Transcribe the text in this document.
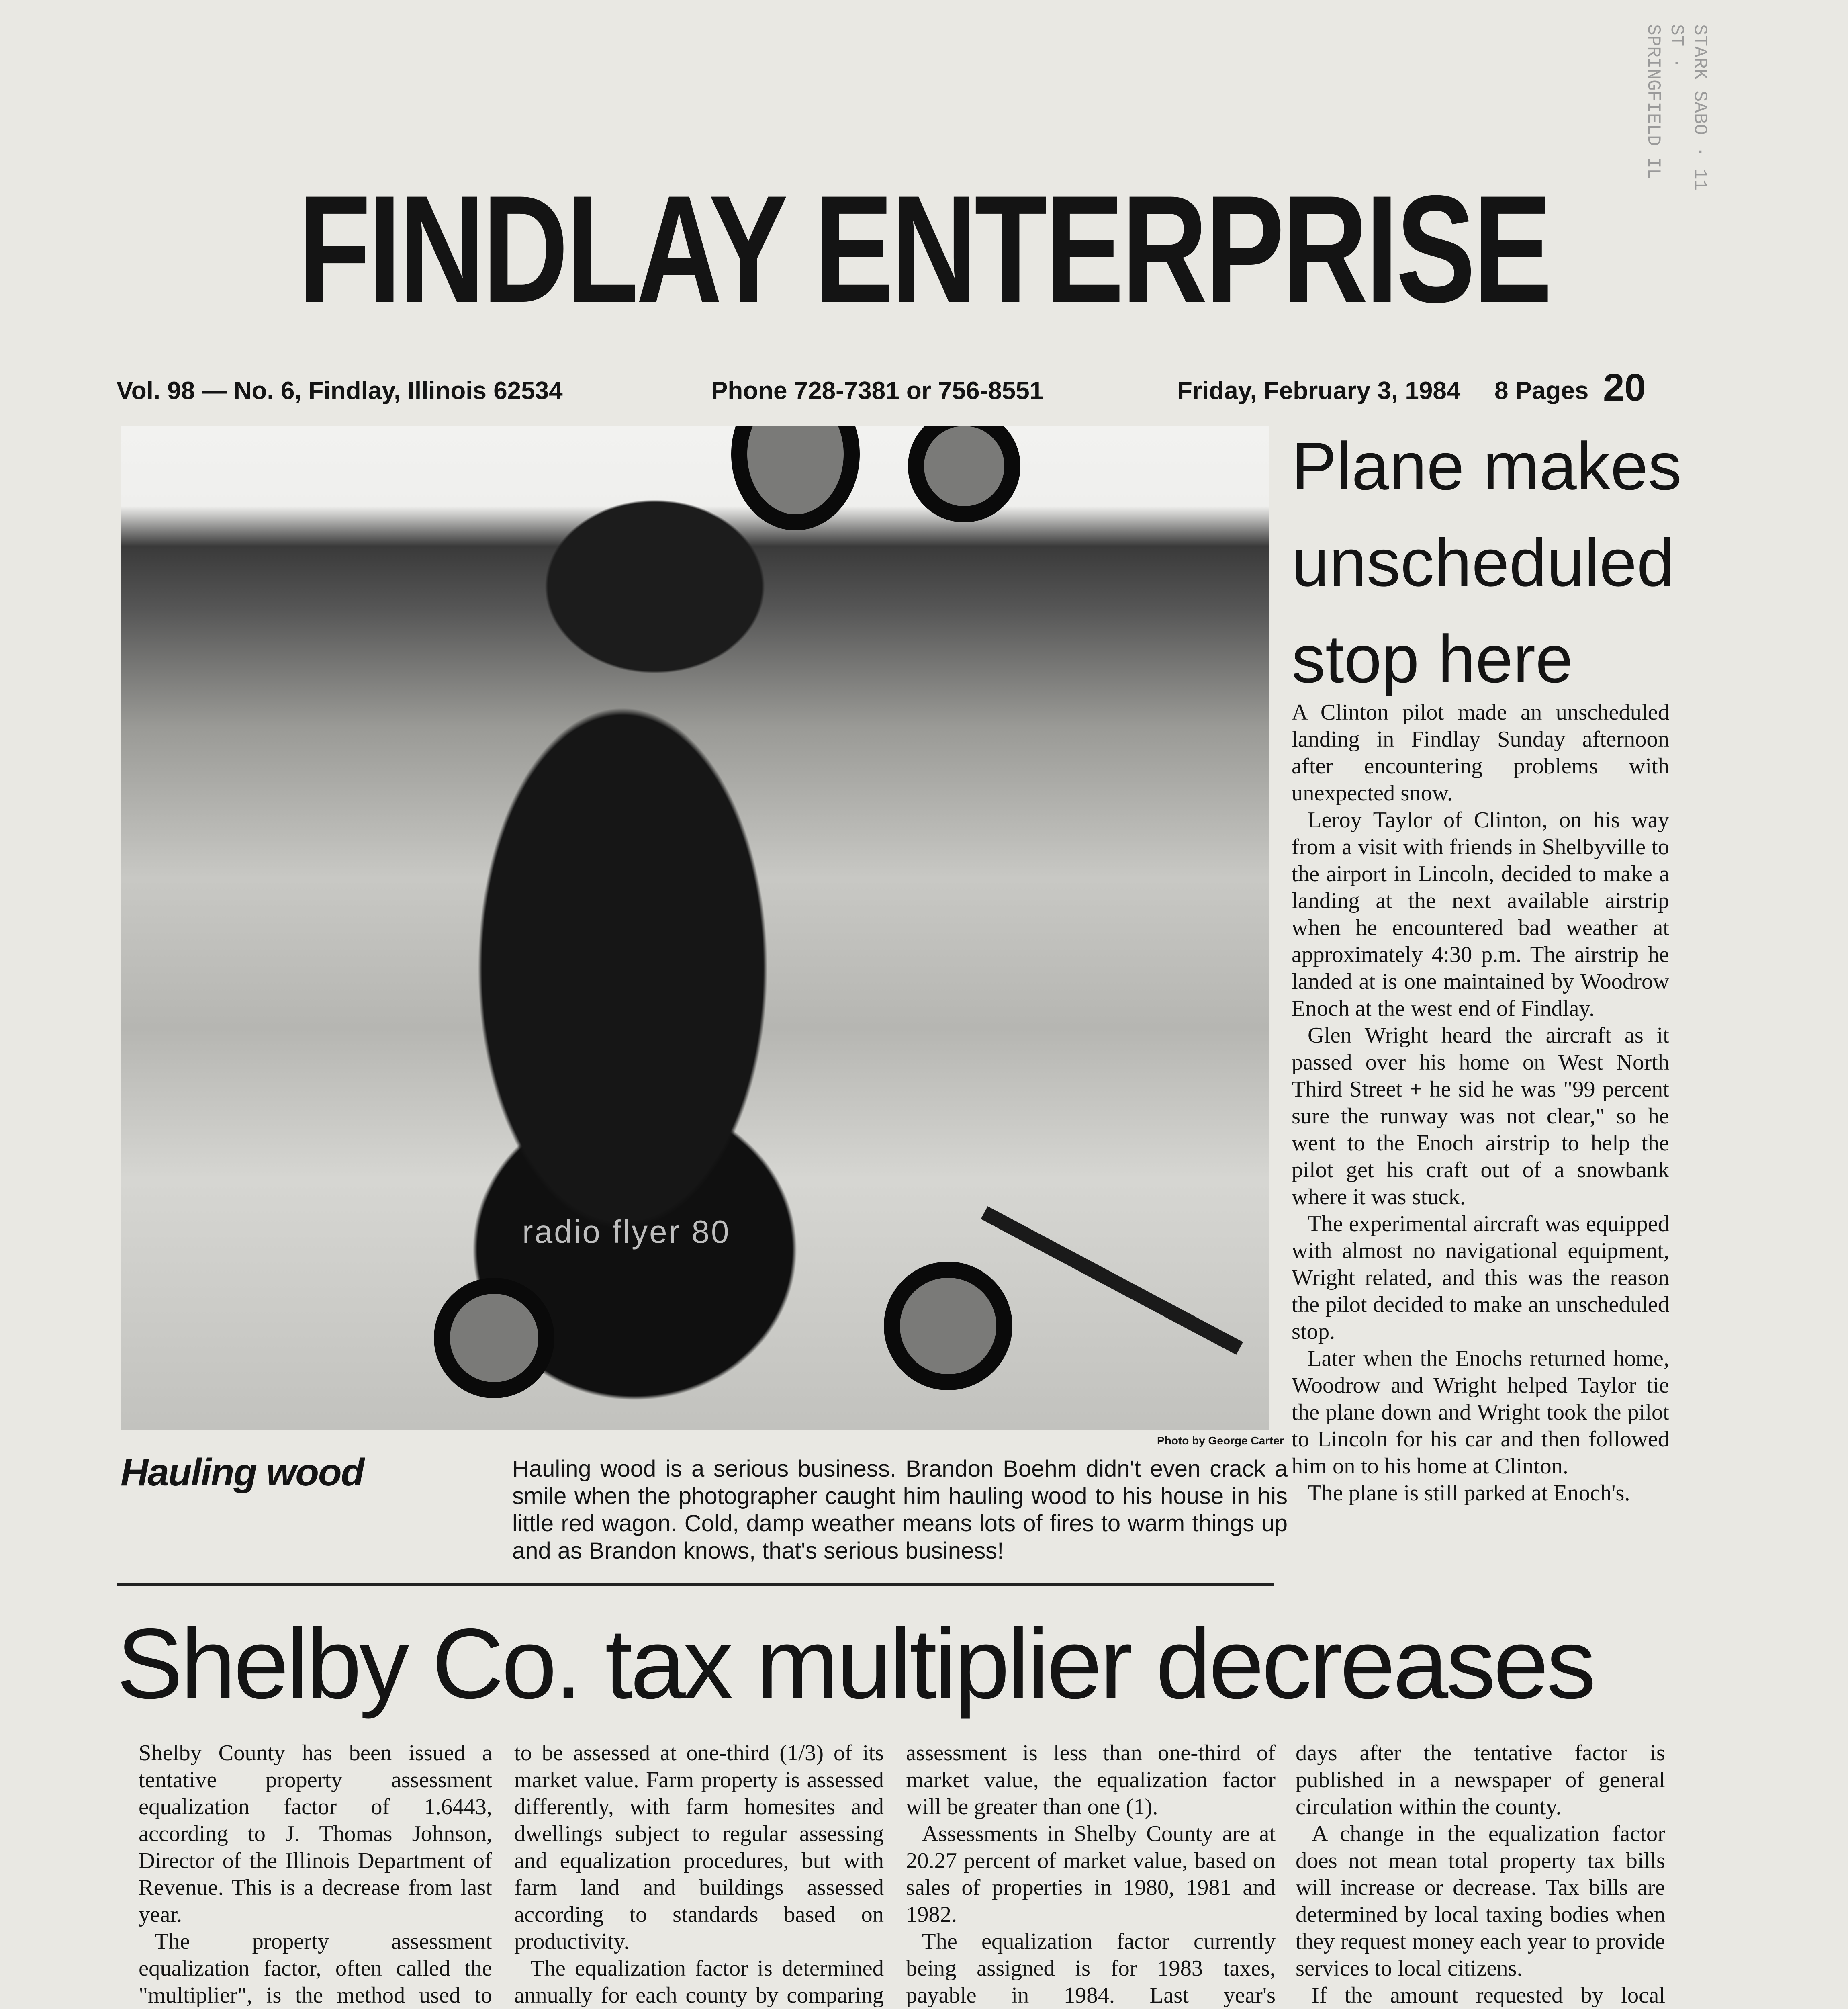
STARK SABO · 11 ST · SPRINGFIELD IL
FINDLAY ENTERPRISE
Vol. 98 — No. 6, Findlay, Illinois 62534	Phone 728-7381 or 756-8551	Friday, February 3, 1984 8 Pages 20
radio flyer 80
Photo by George Carter
Hauling wood	Hauling wood is a serious business. Brandon Boehm didn't even crack a smile when the photographer caught him hauling wood to his house in his little red wagon. Cold, damp weather means lots of fires to warm things up and as Brandon knows, that's serious business!
Plane makes
unscheduled
stop here

A Clinton pilot made an unscheduled landing in Findlay Sunday afternoon after encountering problems with unexpected snow.

Leroy Taylor of Clinton, on his way from a visit with friends in Shelbyville to the airport in Lincoln, decided to make a landing at the next available airstrip when he encountered bad weather at approximately 4:30 p.m. The airstrip he landed at is one maintained by Woodrow Enoch at the west end of Findlay.

Glen Wright heard the aircraft as it passed over his home on West North Third Street + he sid he was "99 percent sure the runway was not clear," so he went to the Enoch airstrip to help the pilot get his craft out of a snowbank where it was stuck.

The experimental aircraft was equipped with almost no navigational equipment, Wright related, and this was the reason the pilot decided to make an unscheduled stop.

Later when the Enochs returned home, Woodrow and Wright helped Taylor tie the plane down and Wright took the pilot to Lincoln for his car and then followed him on to his home at Clinton.

The plane is still parked at Enoch's.

Shelby Co. tax multiplier decreases

Shelby County has been issued a tentative property assessment equalization factor of 1.6443, according to J. Thomas Johnson, Director of the Illinois Department of Revenue. This is a decrease from last year.

The property assessment equalization factor, often called the "multiplier", is the method used to

to be assessed at one-third (1/3) of its market value. Farm property is assessed differently, with farm homesites and dwellings subject to regular assessing and equalization procedures, but with farm land and buildings assessed according to standards based on productivity.

The equalization factor is determined annually for each county by comparing

assessment is less than one-third of market value, the equalization factor will be greater than one (1).

Assessments in Shelby County are at 20.27 percent of market value, based on sales of properties in 1980, 1981 and 1982.

The equalization factor currently being assigned is for 1983 taxes, payable in 1984. Last year's

days after the tentative factor is published in a newspaper of general circulation within the county.

A change in the equalization factor does not mean total property tax bills will increase or decrease. Tax bills are determined by local taxing bodies when they request money each year to provide services to local citizens.

If the amount requested by local
